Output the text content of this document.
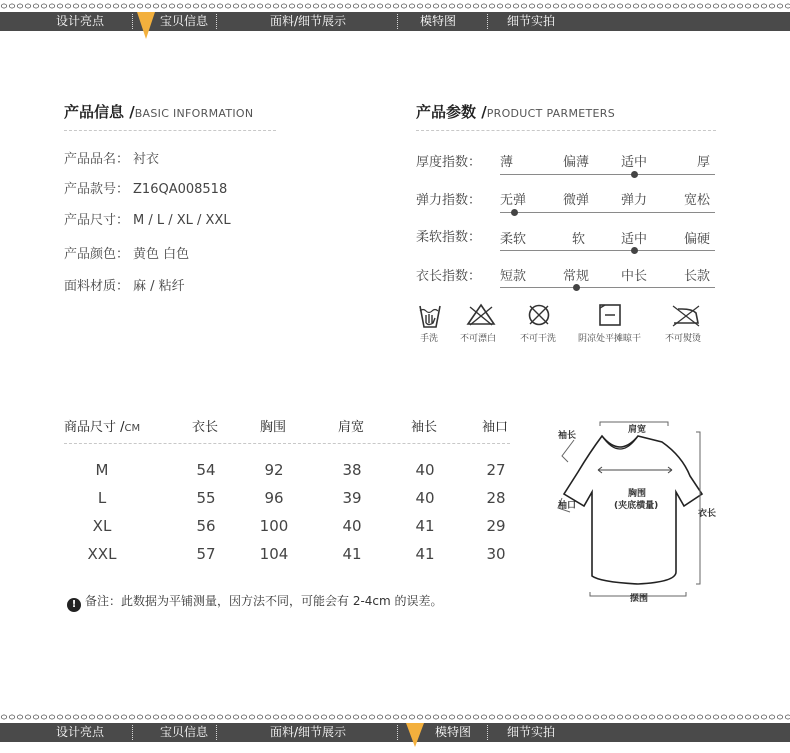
设计亮点	宝贝信息	面料/细节展示	模特图	细节实拍
产品信息 /BASIC INFORMATION
产品品名： 衬衣
产品款号： Z16QA008518
产品尺寸： M / L / XL / XXL
产品颜色： 黄色 白色
面料材质： 麻 / 粘纤
产品参数 /PRODUCT PARMETERS
厚度指数： 薄	偏薄 适中	厚
弹力指数： 无弹	微弹 弹力	宽松
柔软指数： 柔软	软	适中	偏硬
衣长指数： 短款	常规 中长	长款
手洗 不可漂白	不可干洗 阴凉处平摊晾干	不可熨烫
商品尺寸 /CM	衣长	胸围	肩宽	袖长	袖口
M	54	92	38	40	27
L	55	96	39	40	28
XL	56	100	40	41	29
XXL	57	104	41	41	30
! 备注：此数据为平铺测量，因方法不同，可能会有 2-4cm 的误差。
袖长
肩宽
胸围
(夹底横量)
袖口
衣长
摆围
设计亮点	宝贝信息	面料/细节展示	模特图	细节实拍
